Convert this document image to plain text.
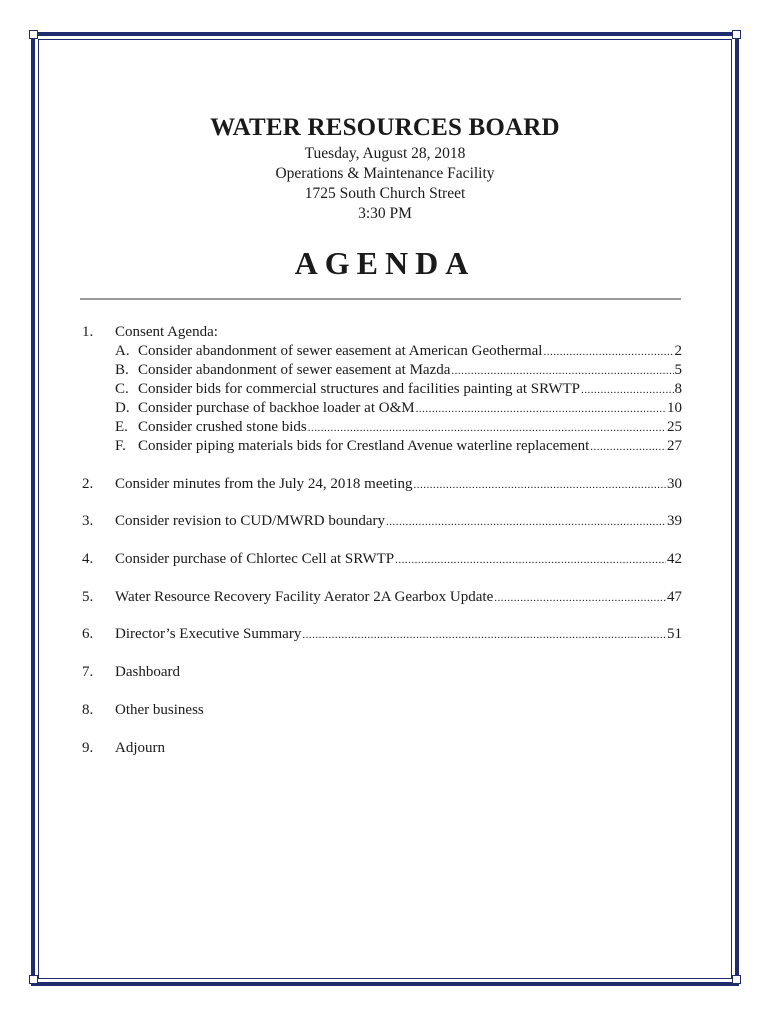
WATER RESOURCES BOARD
Tuesday, August 28, 2018
Operations & Maintenance Facility
1725 South Church Street
3:30 PM
AGENDA
1. Consent Agenda:
A. Consider abandonment of sewer easement at American Geothermal .....	2
B. Consider abandonment of sewer easement at Mazda .....	5
C. Consider bids for commercial structures and facilities painting at SRWTP .....	8
D. Consider purchase of backhoe loader at O&M .....	10
E. Consider crushed stone bids .....	25
F. Consider piping materials bids for Crestland Avenue waterline replacement .....	27
2. Consider minutes from the July 24, 2018 meeting .....	30
3. Consider revision to CUD/MWRD boundary .....	39
4. Consider purchase of Chlortec Cell at SRWTP .....	42
5. Water Resource Recovery Facility Aerator 2A Gearbox Update .....	47
6. Director’s Executive Summary .....	51
7. Dashboard
8. Other business
9. Adjourn
